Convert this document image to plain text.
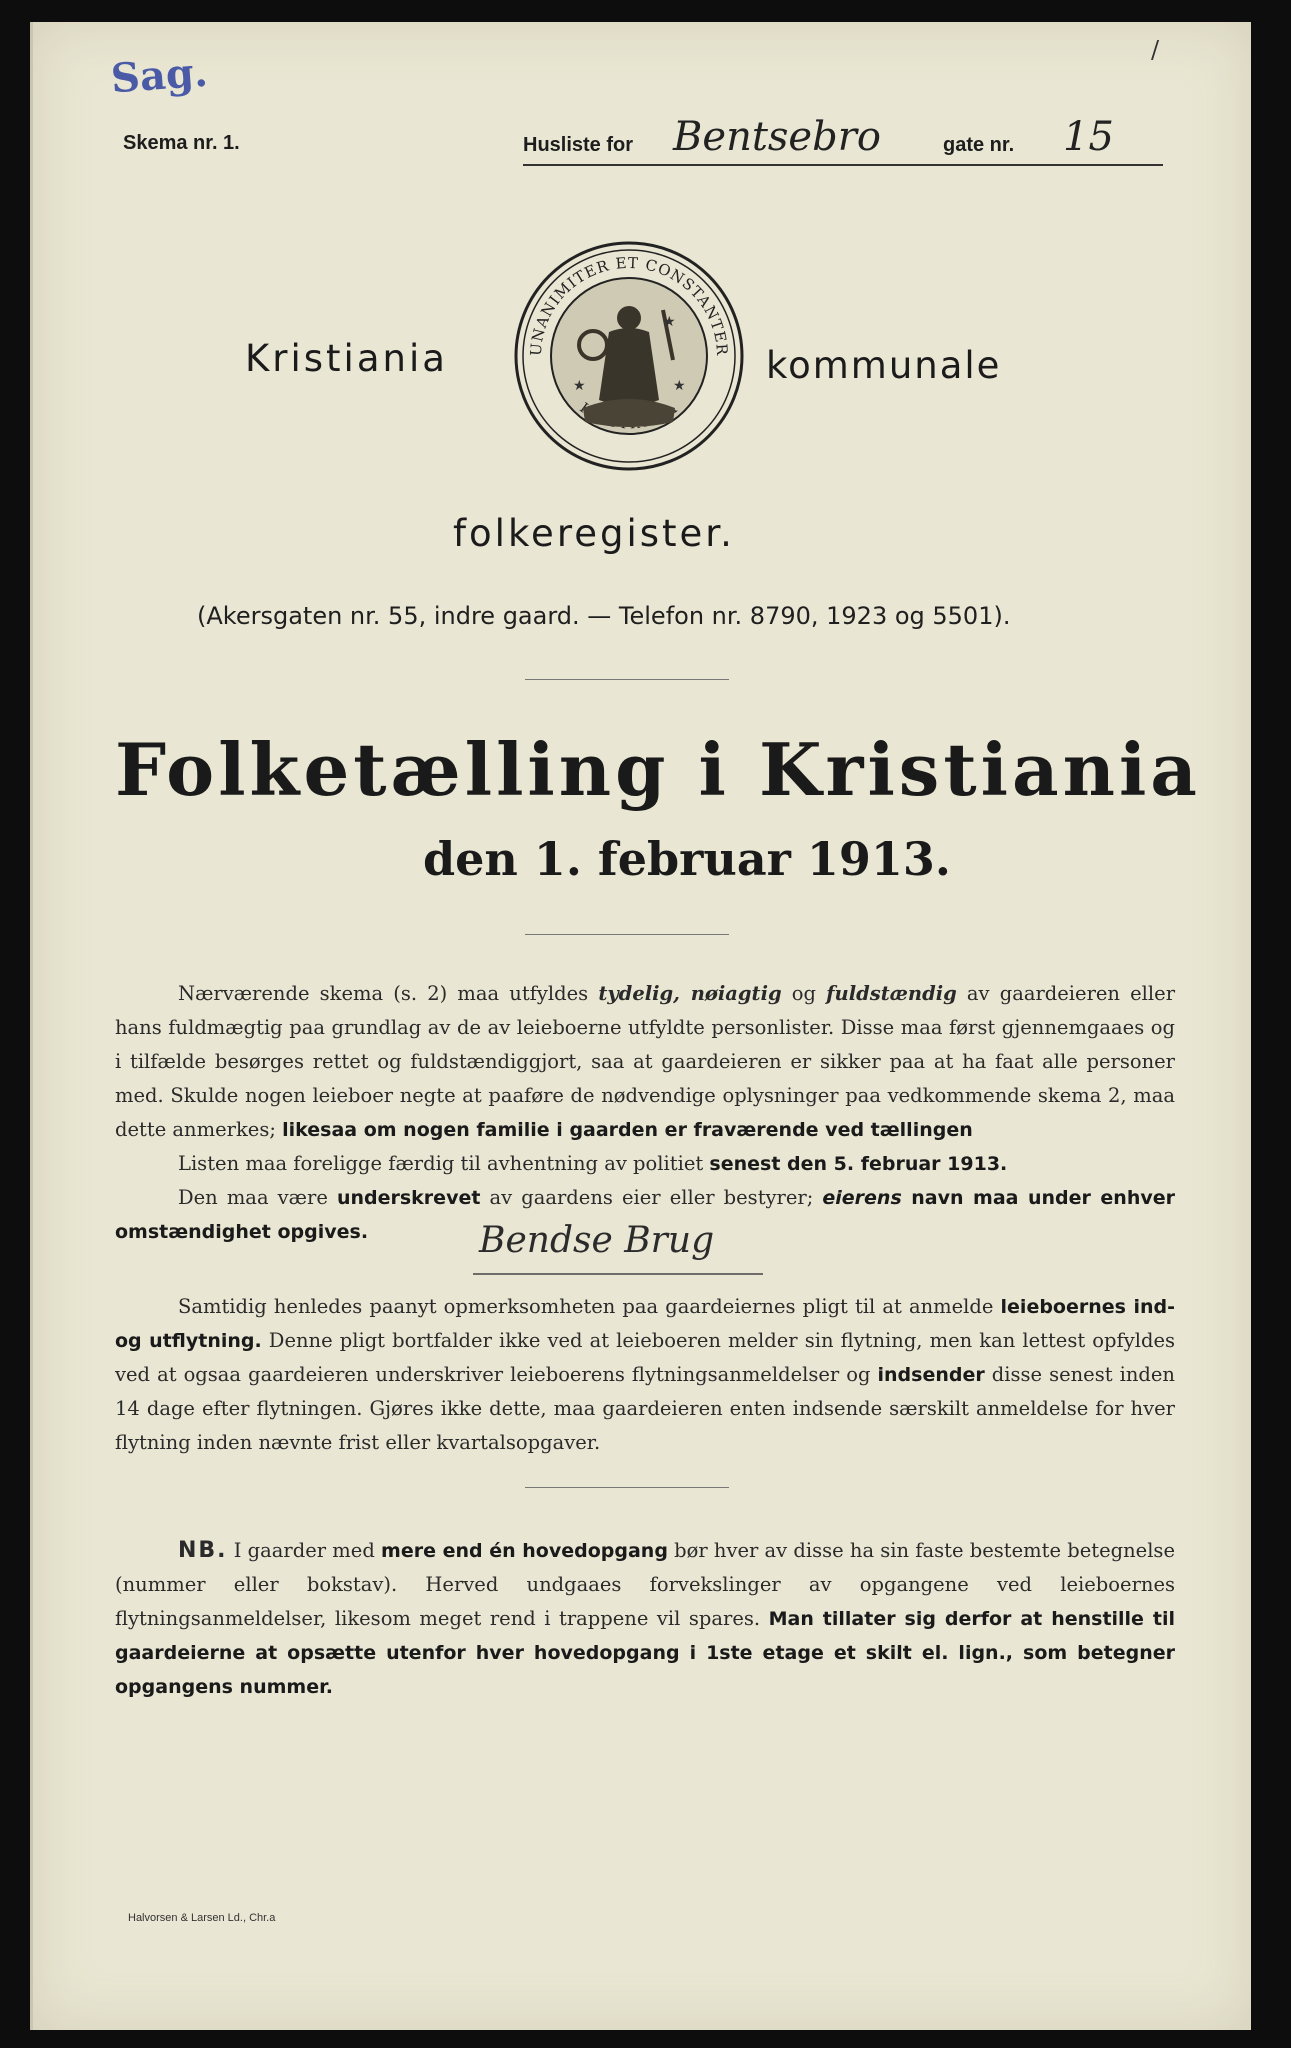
/
Sag.
Skema nr. 1.	Husliste for Bentsebro	gate nr. 15
Kristiania	kommunale
UNANIMITER ET CONSTANTER
★	★
★
folkeregister.
(Akersgaten nr. 55, indre gaard. — Telefon nr. 8790, 1923 og 5501).
Folketælling i Kristiania
den 1. februar 1913.

Nærværende skema (s. 2) maa utfyldes tydelig, nøiagtig og fuldstændig av gaardeieren eller hans fuldmægtig paa grundlag av de av leieboerne utfyldte personlister. Disse maa først gjennemgaaes og i tilfælde besørges rettet og fuldstændiggjort, saa at gaardeieren er sikker paa at ha faat alle personer med. Skulde nogen leieboer negte at paaføre de nødvendige oplysninger paa vedkommende skema 2, maa dette anmerkes; likesaa om nogen familie i gaarden er fraværende ved tællingen

Listen maa foreligge færdig til avhentning av politiet senest den 5. februar 1913.

Den maa være underskrevet av gaardens eier eller bestyrer; eierens navn maa under enhver omstændighet opgives.	Bendse Brug

Samtidig henledes paanyt opmerksomheten paa gaardeiernes pligt til at anmelde leieboernes ind- og utflytning. Denne pligt bortfalder ikke ved at leieboeren melder sin flytning, men kan lettest opfyldes ved at ogsaa gaardeieren underskriver leieboerens flytningsanmeldelser og indsender disse senest inden 14 dage efter flytningen. Gjøres ikke dette, maa gaardeieren enten indsende særskilt anmeldelse for hver flytning inden nævnte frist eller kvartalsopgaver.

NB. I gaarder med mere end én hovedopgang bør hver av disse ha sin faste bestemte betegnelse (nummer eller bokstav). Herved undgaaes forvekslinger av opgangene ved leieboernes flytningsanmeldelser, likesom meget rend i trappene vil spares. Man tillater sig derfor at henstille til gaardeierne at opsætte utenfor hver hovedopgang i 1ste etage et skilt el. lign., som betegner opgangens nummer.

Halvorsen & Larsen Ld., Chr.a
